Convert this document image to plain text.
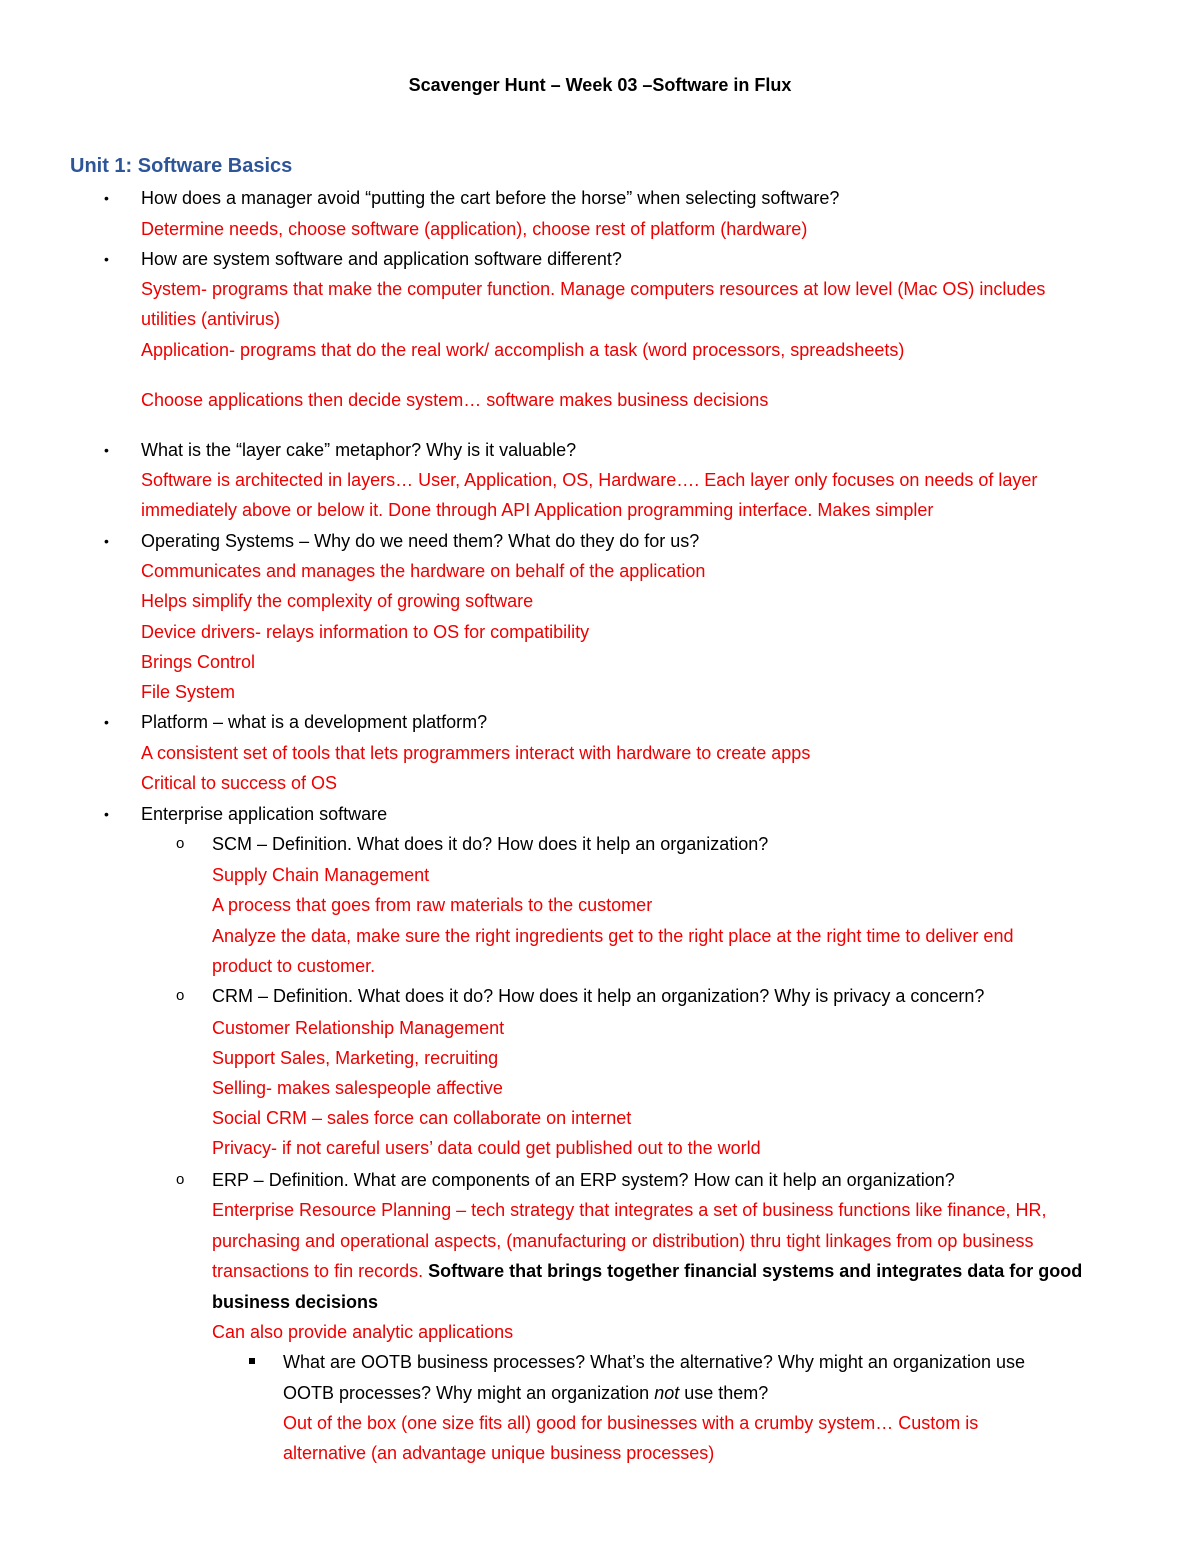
Scavenger Hunt – Week 03 –Software in Flux
Unit 1: Software Basics
• How does a manager avoid “putting the cart before the horse” when selecting software?
Determine needs, choose software (application), choose rest of platform (hardware)
• How are system software and application software different?
System- programs that make the computer function. Manage computers resources at low level (Mac OS) includes
utilities (antivirus)
Application- programs that do the real work/ accomplish a task (word processors, spreadsheets)
Choose applications then decide system… software makes business decisions
• What is the “layer cake” metaphor? Why is it valuable?
Software is architected in layers… User, Application, OS, Hardware…. Each layer only focuses on needs of layer
immediately above or below it. Done through API Application programming interface. Makes simpler
• Operating Systems – Why do we need them? What do they do for us?
Communicates and manages the hardware on behalf of the application
Helps simplify the complexity of growing software
Device drivers- relays information to OS for compatibility
Brings Control
File System
• Platform – what is a development platform?
A consistent set of tools that lets programmers interact with hardware to create apps
Critical to success of OS
• Enterprise application software
o SCM – Definition. What does it do? How does it help an organization?
Supply Chain Management
A process that goes from raw materials to the customer
Analyze the data, make sure the right ingredients get to the right place at the right time to deliver end
product to customer.
o CRM – Definition. What does it do? How does it help an organization? Why is privacy a concern?
Customer Relationship Management
Support Sales, Marketing, recruiting
Selling- makes salespeople affective
Social CRM – sales force can collaborate on internet
Privacy- if not careful users’ data could get published out to the world
o ERP – Definition. What are components of an ERP system? How can it help an organization?
Enterprise Resource Planning – tech strategy that integrates a set of business functions like finance, HR,
purchasing and operational aspects, (manufacturing or distribution) thru tight linkages from op business
transactions to fin records. Software that brings together financial systems and integrates data for good
business decisions
Can also provide analytic applications
What are OOTB business processes? What’s the alternative? Why might an organization use
OOTB processes? Why might an organization not use them?
Out of the box (one size fits all) good for businesses with a crumby system… Custom is
alternative (an advantage unique business processes)
